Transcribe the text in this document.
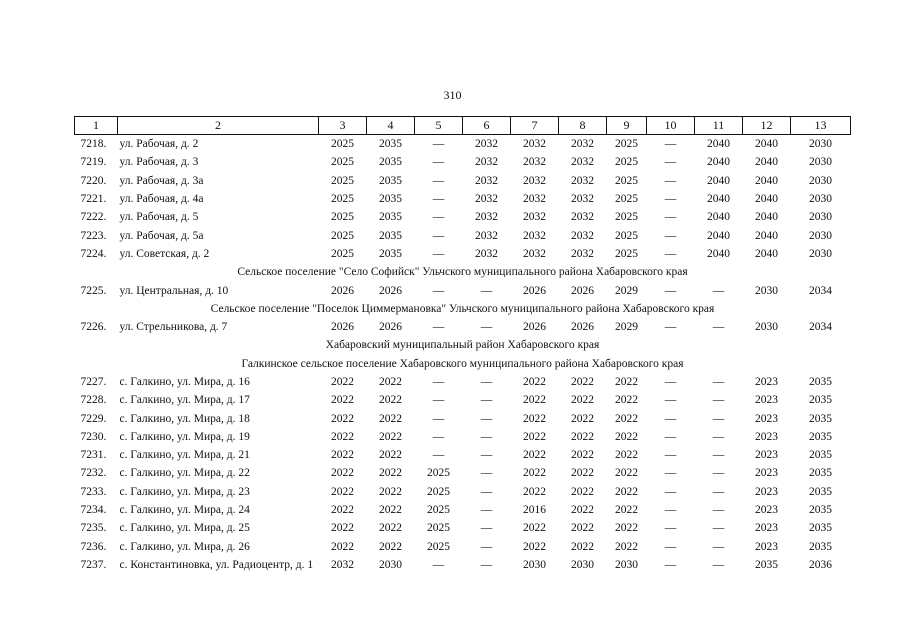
310
1	2	3	4	5	6	7	8	9	10	11	12	13
7218.	ул. Рабочая, д. 2	2025	2035	—	2032	2032	2032	2025	—	2040	2040	2030
7219.	ул. Рабочая, д. 3	2025	2035	—	2032	2032	2032	2025	—	2040	2040	2030
7220.	ул. Рабочая, д. 3а	2025	2035	—	2032	2032	2032	2025	—	2040	2040	2030
7221.	ул. Рабочая, д. 4а	2025	2035	—	2032	2032	2032	2025	—	2040	2040	2030
7222.	ул. Рабочая, д. 5	2025	2035	—	2032	2032	2032	2025	—	2040	2040	2030
7223.	ул. Рабочая, д. 5а	2025	2035	—	2032	2032	2032	2025	—	2040	2040	2030
7224.	ул. Советская, д. 2	2025	2035	—	2032	2032	2032	2025	—	2040	2040	2030
Сельское поселение "Село Софийск" Ульчского муниципального района Хабаровского края												
7225.	ул. Центральная, д. 10	2026	2026	—	—	2026	2026	2029	—	—	2030	2034
Сельское поселение "Поселок Циммермановка" Ульчского муниципального района Хабаровского края												
7226.	ул. Стрельникова, д. 7	2026	2026	—	—	2026	2026	2029	—	—	2030	2034
Хабаровский муниципальный район Хабаровского края												
Галкинское сельское поселение Хабаровского муниципального района Хабаровского края												
7227.	с. Галкино, ул. Мира, д. 16	2022	2022	—	—	2022	2022	2022	—	—	2023	2035
7228.	с. Галкино, ул. Мира, д. 17	2022	2022	—	—	2022	2022	2022	—	—	2023	2035
7229.	с. Галкино, ул. Мира, д. 18	2022	2022	—	—	2022	2022	2022	—	—	2023	2035
7230.	с. Галкино, ул. Мира, д. 19	2022	2022	—	—	2022	2022	2022	—	—	2023	2035
7231.	с. Галкино, ул. Мира, д. 21	2022	2022	—	—	2022	2022	2022	—	—	2023	2035
7232.	с. Галкино, ул. Мира, д. 22	2022	2022	2025	—	2022	2022	2022	—	—	2023	2035
7233.	с. Галкино, ул. Мира, д. 23	2022	2022	2025	—	2022	2022	2022	—	—	2023	2035
7234.	с. Галкино, ул. Мира, д. 24	2022	2022	2025	—	2016	2022	2022	—	—	2023	2035
7235.	с. Галкино, ул. Мира, д. 25	2022	2022	2025	—	2022	2022	2022	—	—	2023	2035
7236.	с. Галкино, ул. Мира, д. 26	2022	2022	2025	—	2022	2022	2022	—	—	2023	2035
7237.	с. Константиновка, ул. Радиоцентр, д. 1	2032	2030	—	—	2030	2030	2030	—	—	2035	2036
